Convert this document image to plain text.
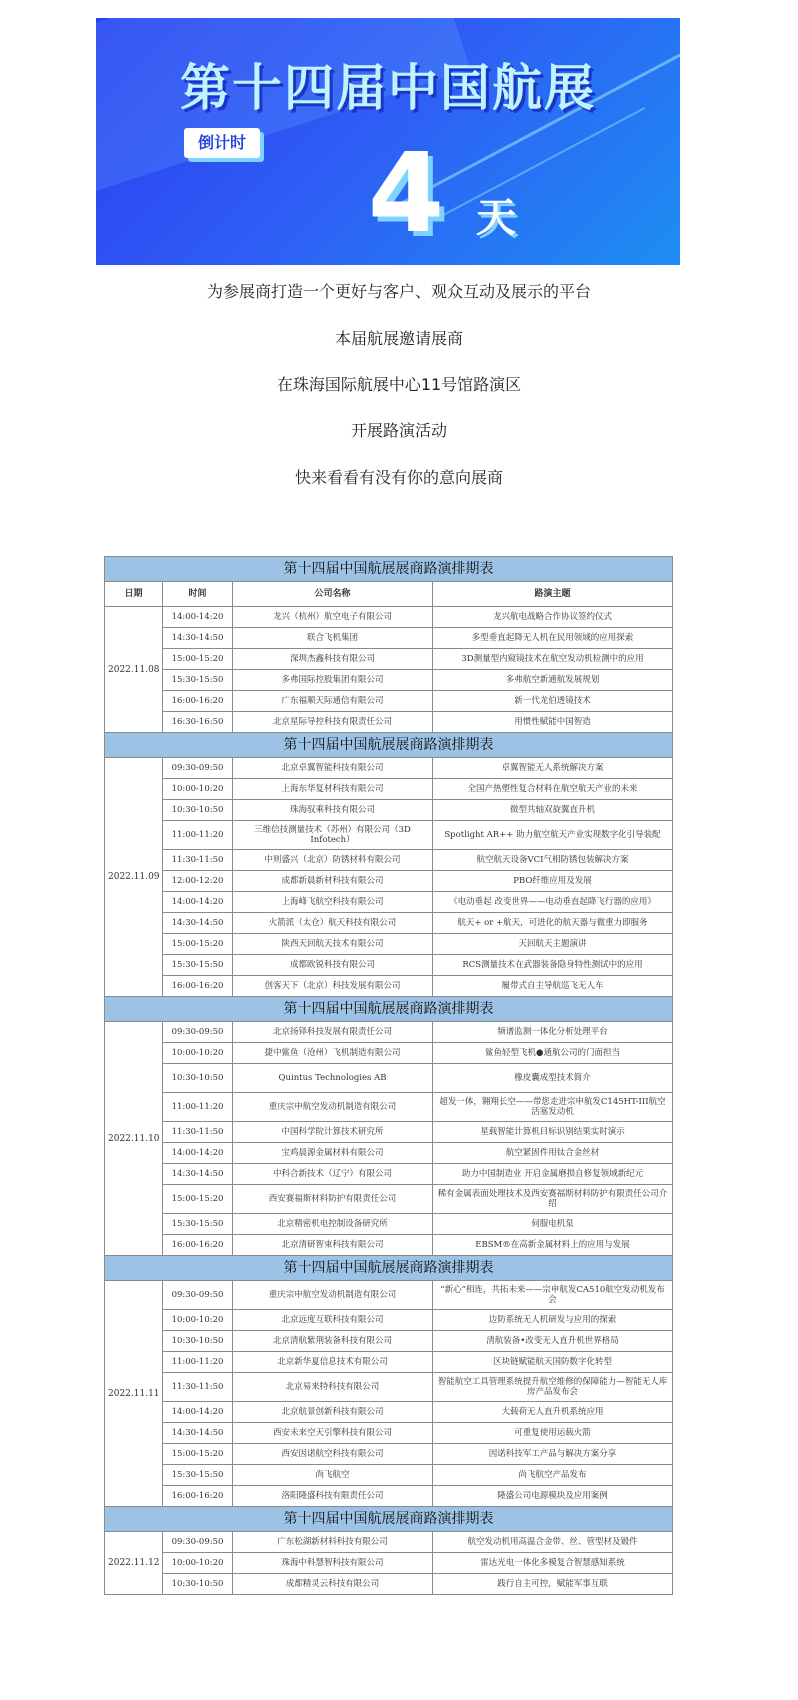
第十四届中国航展
倒计时 4 天
为参展商打造一个更好与客户、观众互动及展示的平台
本届航展邀请展商
在珠海国际航展中心11号馆路演区
开展路演活动
快来看看有没有你的意向展商
第十四届中国航展展商路演排期表			
日期	时间	公司名称	路演主题
2022.11.08	14:00-14:20	龙兴（杭州）航空电子有限公司	龙兴航电战略合作协议签约仪式
	14:30-14:50	联合飞机集团	多型垂直起降无人机在民用领域的应用探索
	15:00-15:20	深圳杰鑫科技有限公司	3D测量型内窥镜技术在航空发动机检测中的应用
	15:30-15:50	多弗国际控股集团有限公司	多弗航空新通航发展规划
	16:00-16:20	广东福顺天际通信有限公司	新一代龙伯透镜技术
	16:30-16:50	北京星际导控科技有限责任公司	用惯性赋能中国智造
第十四届中国航展展商路演排期表			
2022.11.09	09:30-09:50	北京卓翼智能科技有限公司	卓翼智能无人系统解决方案
	10:00-10:20	上海东华复材科技有限公司	全国产热塑性复合材料在航空航天产业的未来
	10:30-10:50	珠海驭乘科技有限公司	微型共轴双旋翼直升机
	11:00-11:20	三维信技测量技术（苏州）有限公司（3D Infotech）	Spotlight AR++ 助力航空航天产业实现数字化引导装配
	11:30-11:50	中则盛兴（北京）防锈材料有限公司	航空航天设备VCI气相防锈包装解决方案
	12:00-12:20	成都新晨新材科技有限公司	PBO纤维应用及发展
	14:00-14:20	上海峰飞航空科技有限公司	《电动垂起 改变世界——电动垂直起降飞行器的应用》
	14:30-14:50	火箭派（太仓）航天科技有限公司	航天+ or +航天，可进化的航天器与微重力即服务
	15:00-15:20	陕西天回航天技术有限公司	天回航天主题演讲
	15:30-15:50	成都欧锐科技有限公司	RCS测量技术在武器装备隐身特性测试中的应用
	16:00-16:20	创客天下（北京）科技发展有限公司	履带式自主导航巡飞无人车
第十四届中国航展展商路演排期表			
2022.11.10	09:30-09:50	北京扬铎科技发展有限责任公司	频谱监测一体化分析处理平台
	10:00-10:20	捷中鲨鱼（沧州）飞机制造有限公司	鲨鱼轻型飞机●通航公司的门面担当
	10:30-10:50	Quintus Technologies AB	橡皮囊成型技术简介
	11:00-11:20	重庆宗申航空发动机制造有限公司	超发一体，翱翔长空——带您走进宗申航发C145HT-III航空活塞发动机
	11:30-11:50	中国科学院计算技术研究所	星载智能计算机目标识别结果实时演示
	14:00-14:20	宝鸡晨源金属材料有限公司	航空紧固件用钛合金丝材
	14:30-14:50	中科合新技术（辽宁）有限公司	助力中国制造业 开启金属磨损自修复领域新纪元
	15:00-15:20	西安赛福斯材料防护有限责任公司	稀有金属表面处理技术及西安赛福斯材料防护有限责任公司介绍
	15:30-15:50	北京精密机电控制设备研究所	伺服电机泵
	16:00-16:20	北京清研智束科技有限公司	EBSM®在高新金属材料上的应用与发展
第十四届中国航展展商路演排期表			
2022.11.11	09:30-09:50	重庆宗申航空发动机制造有限公司	“新心”相连，共拓未来——宗申航发CA510航空发动机发布会
	10:00-10:20	北京远度互联科技有限公司	边防系统无人机研发与应用的探索
	10:30-10:50	北京清航紫荆装备科技有限公司	清航装备•改变无人直升机世界格局
	11:00-11:20	北京新华夏信息技术有限公司	区块链赋能航天国防数字化转型
	11:30-11:50	北京易来特科技有限公司	智能航空工具管理系统提升航空维修的保障能力—智能无人库房产品发布会
	14:00-14:20	北京航景创新科技有限公司	大载荷无人直升机系统应用
	14:30-14:50	西安未来空天引擎科技有限公司	可重复使用运载火箭
	15:00-15:20	西安因诺航空科技有限公司	因诺科技军工产品与解决方案分享
	15:30-15:50	尚飞航空	尚飞航空产品发布
	16:00-16:20	洛阳隆盛科技有限责任公司	隆盛公司电源模块及应用案例
第十四届中国航展展商路演排期表			
2022.11.12	09:30-09:50	广东松湖新材料科技有限公司	航空发动机用高温合金带、丝、管型材及锻件
	10:00-10:20	珠海中科慧智科技有限公司	雷达光电一体化多模复合智慧感知系统
	10:30-10:50	成都精灵云科技有限公司	践行自主可控，赋能军事互联
